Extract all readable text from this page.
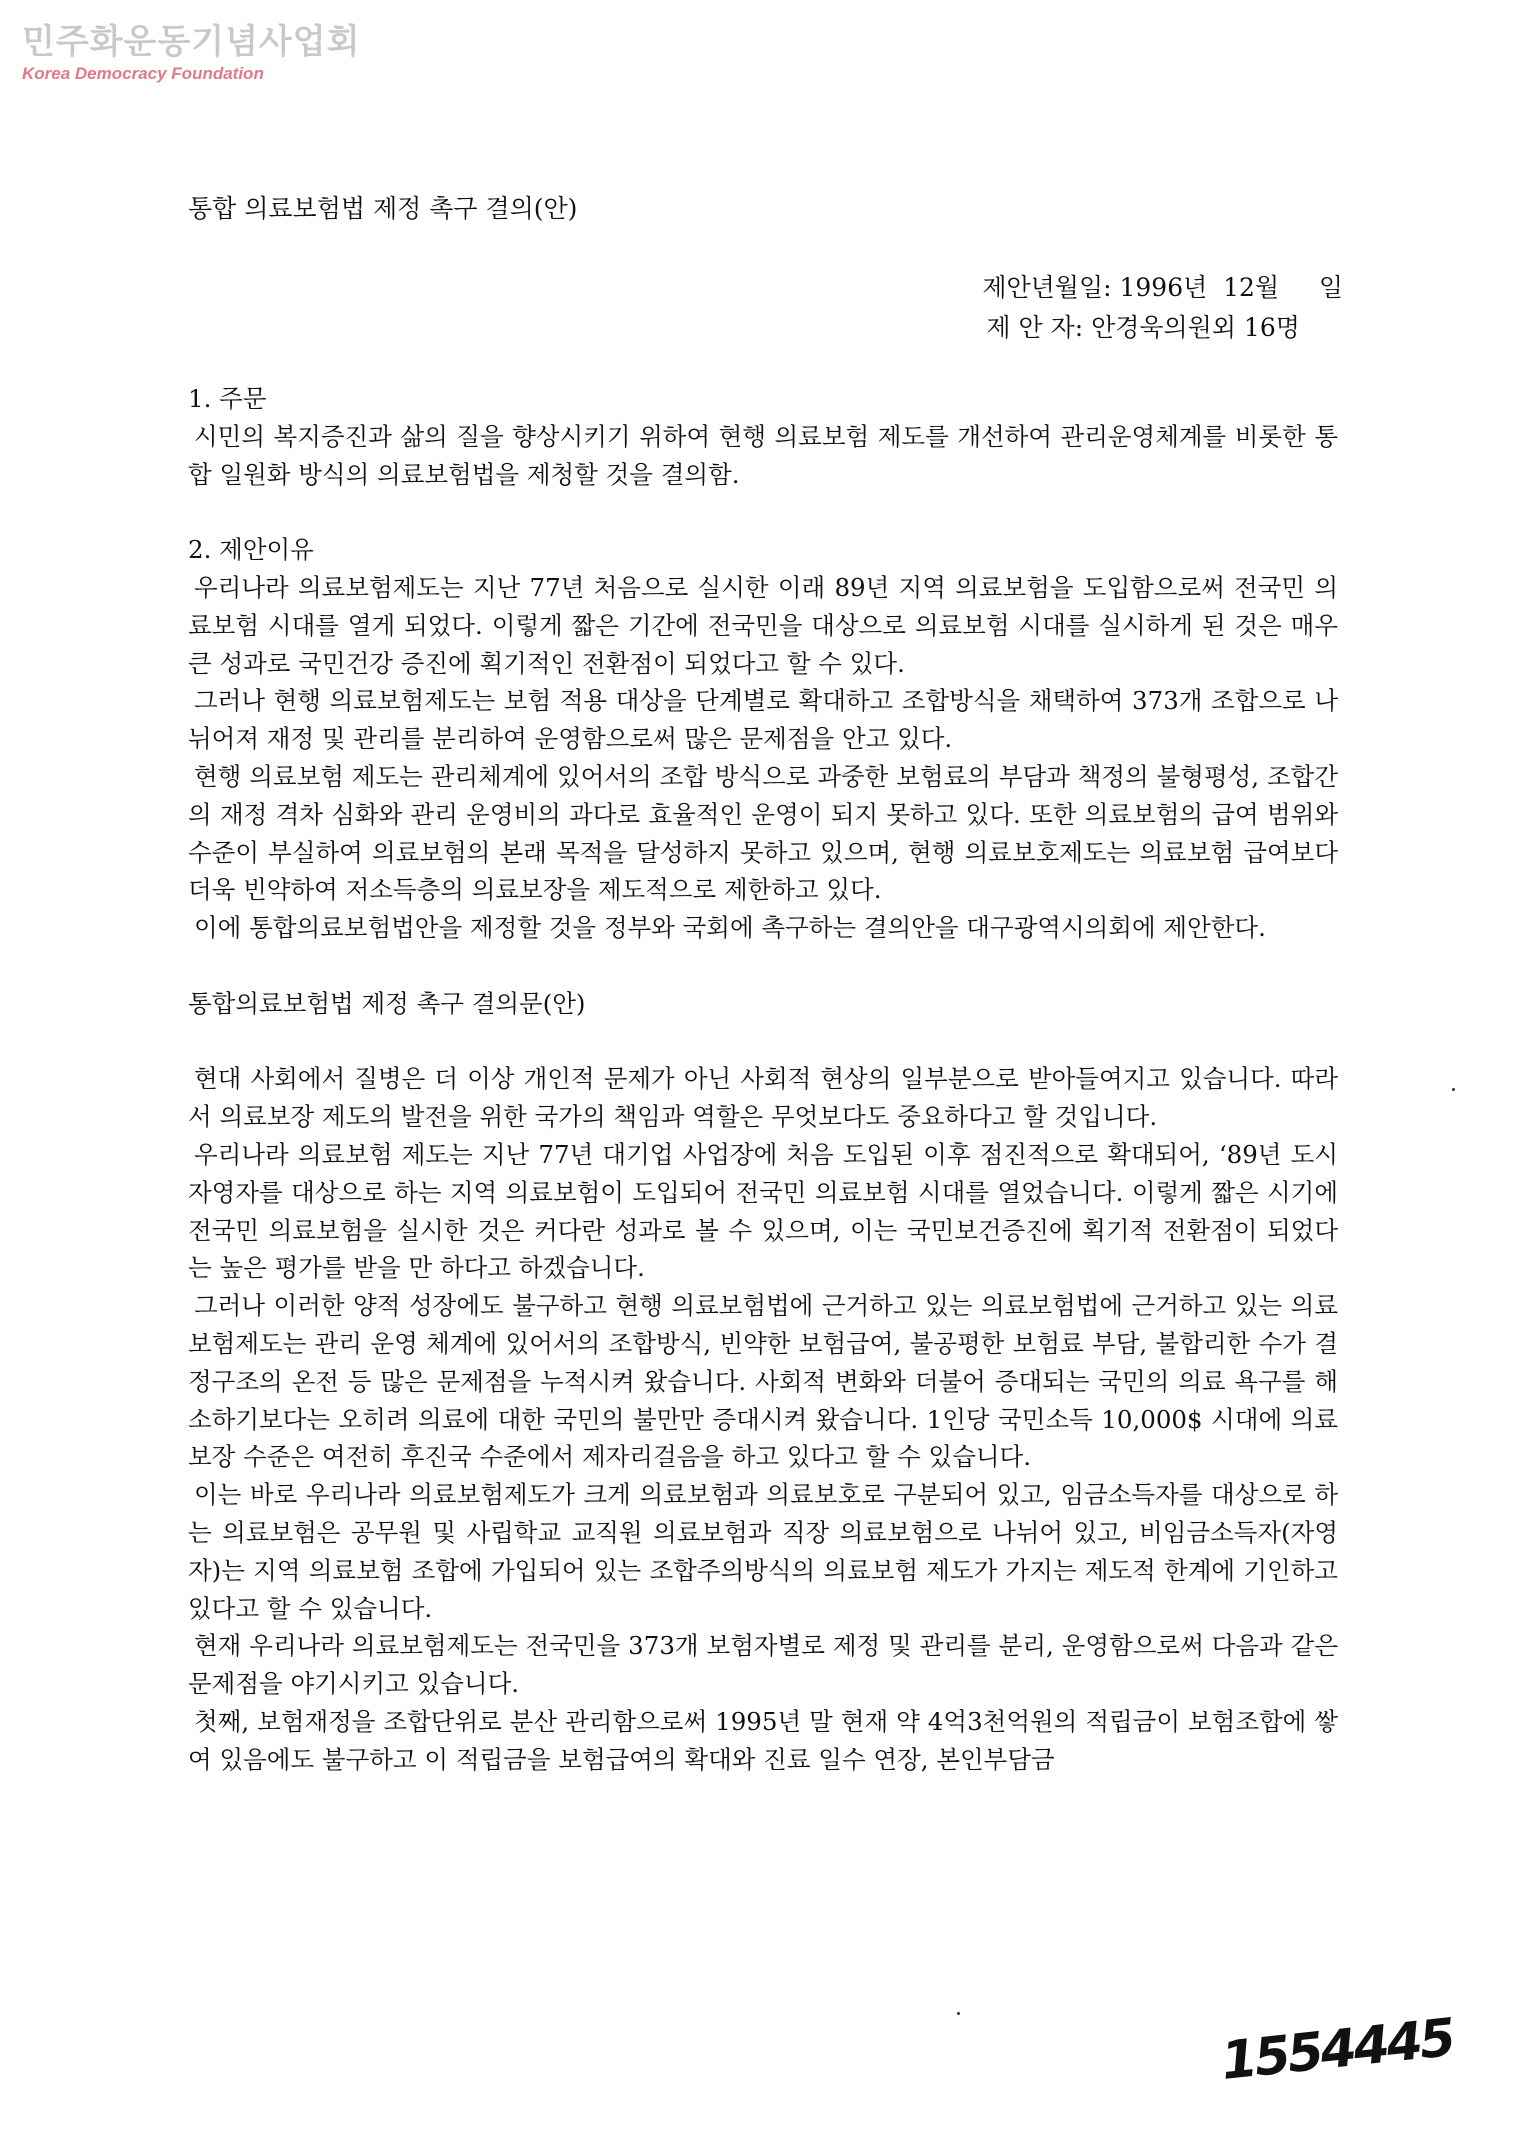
민주화운동기념사업회
Korea Democracy Foundation
통합 의료보험법 제정 촉구 결의(안)
제안년월일: 1996년  12월     일
제 안 자: 안경욱의원외 16명
1. 주문

시민의 복지증진과 삶의 질을 향상시키기 위하여 현행 의료보험 제도를 개선하여 관리운영체계를 비롯한 통합 일원화 방식의 의료보험법을 제청할 것을 결의함.

2. 제안이유

우리나라 의료보험제도는 지난 77년 처음으로 실시한 이래 89년 지역 의료보험을 도입함으로써 전국민 의료보험 시대를 열게 되었다. 이렇게 짧은 기간에 전국민을 대상으로 의료보험 시대를 실시하게 된 것은 매우 큰 성과로 국민건강 증진에 획기적인 전환점이 되었다고 할 수 있다.

그러나 현행 의료보험제도는 보험 적용 대상을 단계별로 확대하고 조합방식을 채택하여 373개 조합으로 나뉘어져 재정 및 관리를 분리하여 운영함으로써 많은 문제점을 안고 있다.

현행 의료보험 제도는 관리체계에 있어서의 조합 방식으로 과중한 보험료의 부담과 책정의 불형평성, 조합간의 재정 격차 심화와 관리 운영비의 과다로 효율적인 운영이 되지 못하고 있다. 또한 의료보험의 급여 범위와 수준이 부실하여 의료보험의 본래 목적을 달성하지 못하고 있으며, 현행 의료보호제도는 의료보험 급여보다 더욱 빈약하여 저소득층의 의료보장을 제도적으로 제한하고 있다.

이에 통합의료보험법안을 제정할 것을 정부와 국회에 촉구하는 결의안을 대구광역시의회에 제안한다.

통합의료보험법 제정 촉구 결의문(안)

현대 사회에서 질병은 더 이상 개인적 문제가 아닌 사회적 현상의 일부분으로 받아들여지고 있습니다. 따라서 의료보장 제도의 발전을 위한 국가의 책임과 역할은 무엇보다도 중요하다고 할 것입니다.

우리나라 의료보험 제도는 지난 77년 대기업 사업장에 처음 도입된 이후 점진적으로 확대되어, ‘89년 도시자영자를 대상으로 하는 지역 의료보험이 도입되어 전국민 의료보험 시대를 열었습니다. 이렇게 짧은 시기에 전국민 의료보험을 실시한 것은 커다란 성과로 볼 수 있으며, 이는 국민보건증진에 획기적 전환점이 되었다는 높은 평가를 받을 만 하다고 하겠습니다.

그러나 이러한 양적 성장에도 불구하고 현행 의료보험법에 근거하고 있는 의료보험법에 근거하고 있는 의료보험제도는 관리 운영 체계에 있어서의 조합방식, 빈약한 보험급여, 불공평한 보험료 부담, 불합리한 수가 결정구조의 온전 등 많은 문제점을 누적시켜 왔습니다. 사회적 변화와 더불어 증대되는 국민의 의료 욕구를 해소하기보다는 오히려 의료에 대한 국민의 불만만 증대시켜 왔습니다. 1인당 국민소득 10,000$ 시대에 의료보장 수준은 여전히 후진국 수준에서 제자리걸음을 하고 있다고 할 수 있습니다.

이는 바로 우리나라 의료보험제도가 크게 의료보험과 의료보호로 구분되어 있고, 임금소득자를 대상으로 하는 의료보험은 공무원 및 사립학교 교직원 의료보험과 직장 의료보험으로 나뉘어 있고, 비임금소득자(자영자)는 지역 의료보험 조합에 가입되어 있는 조합주의방식의 의료보험 제도가 가지는 제도적 한계에 기인하고 있다고 할 수 있습니다.

현재 우리나라 의료보험제도는 전국민을 373개 보험자별로 제정 및 관리를 분리, 운영함으로써 다음과 같은 문제점을 야기시키고 있습니다.

첫째, 보험재정을 조합단위로 분산 관리함으로써 1995년 말 현재 약 4억3천억원의 적립금이 보험조합에 쌓여 있음에도 불구하고 이 적립금을 보험급여의 확대와 진료 일수 연장, 본인부담금

1554445
